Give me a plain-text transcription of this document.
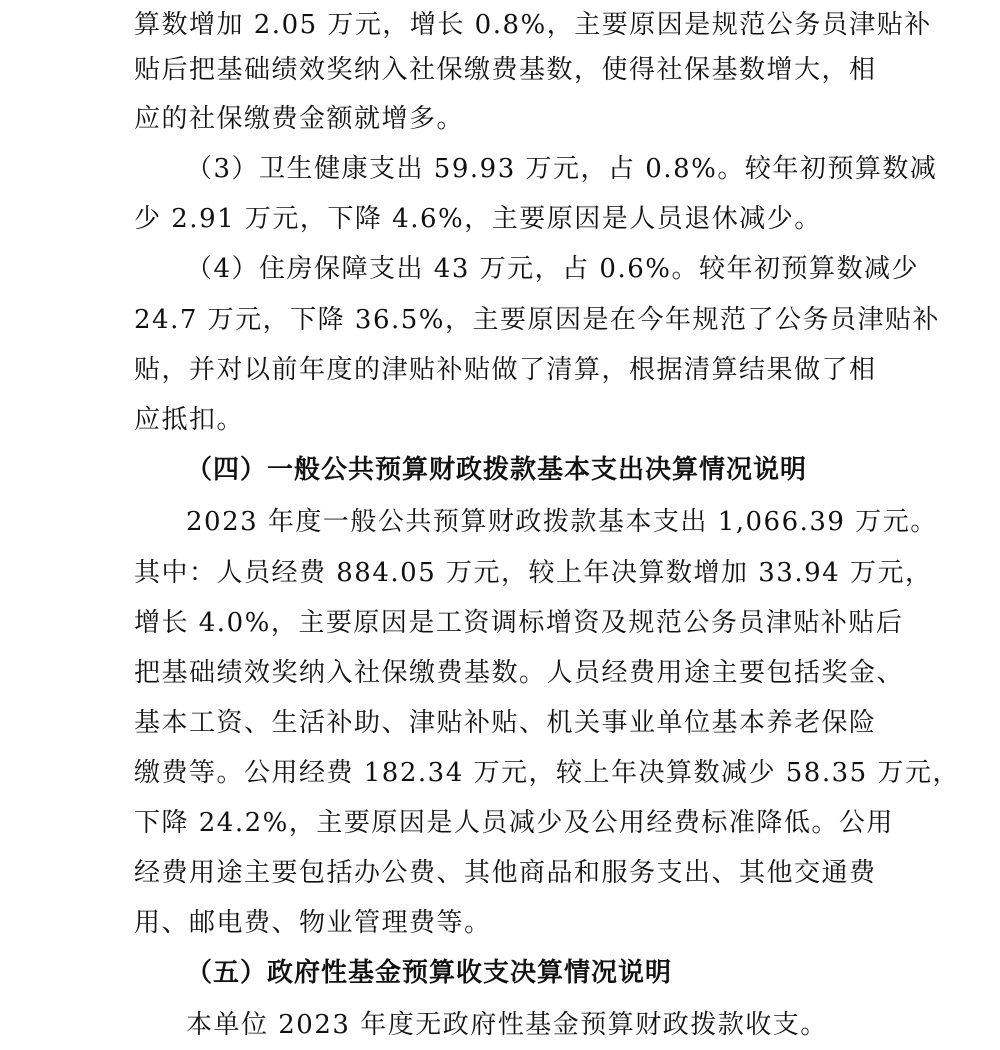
算数增加 2.05 万元，增长 0.8%，主要原因是规范公务员津贴补
贴后把基础绩效奖纳入社保缴费基数，使得社保基数增大，相
应的社保缴费金额就增多。
（3）卫生健康支出 59.93 万元，占 0.8%。较年初预算数减
少 2.91 万元，下降 4.6%，主要原因是人员退休减少。
（4）住房保障支出 43 万元，占 0.6%。较年初预算数减少
24.7 万元，下降 36.5%，主要原因是在今年规范了公务员津贴补
贴，并对以前年度的津贴补贴做了清算，根据清算结果做了相
应抵扣。
（四）一般公共预算财政拨款基本支出决算情况说明
2023 年度一般公共预算财政拨款基本支出 1,066.39 万元。
其中：人员经费 884.05 万元，较上年决算数增加 33.94 万元，
增长 4.0%，主要原因是工资调标增资及规范公务员津贴补贴后
把基础绩效奖纳入社保缴费基数。人员经费用途主要包括奖金、
基本工资、生活补助、津贴补贴、机关事业单位基本养老保险
缴费等。公用经费 182.34 万元，较上年决算数减少 58.35 万元，
下降 24.2%，主要原因是人员减少及公用经费标准降低。公用
经费用途主要包括办公费、其他商品和服务支出、其他交通费
用、邮电费、物业管理费等。
（五）政府性基金预算收支决算情况说明
本单位 2023 年度无政府性基金预算财政拨款收支。
